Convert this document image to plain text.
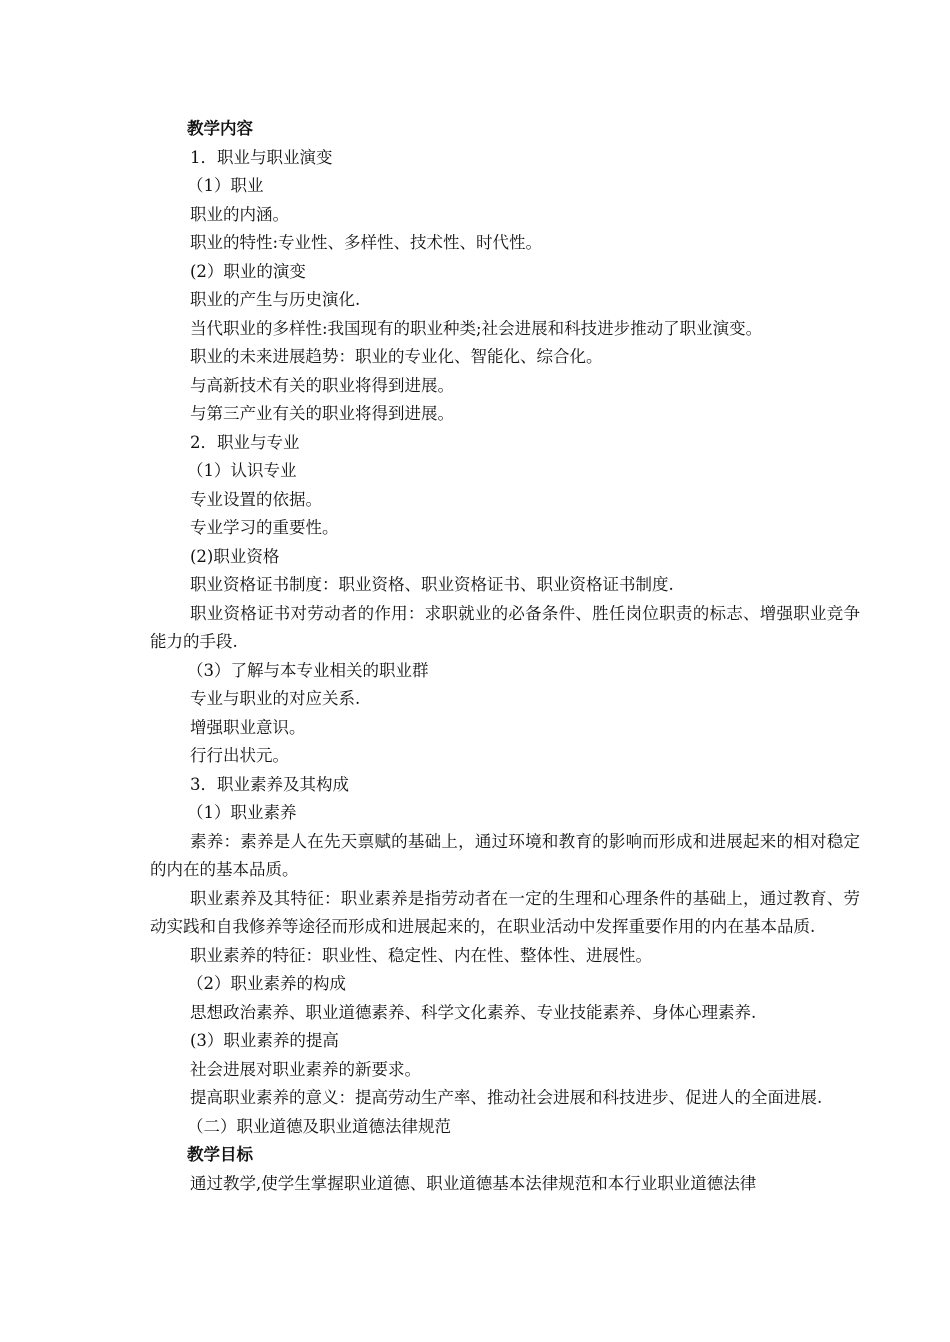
教学内容
1．职业与职业演变
（1）职业
职业的内涵。
职业的特性:专业性、多样性、技术性、时代性。
(2）职业的演变
职业的产生与历史演化.
当代职业的多样性:我国现有的职业种类;社会进展和科技进步推动了职业演变。
职业的未来进展趋势：职业的专业化、智能化、综合化。
与高新技术有关的职业将得到进展。
与第三产业有关的职业将得到进展。
2．职业与专业
（1）认识专业
专业设置的依据。
专业学习的重要性。
(2)职业资格
职业资格证书制度：职业资格、职业资格证书、职业资格证书制度.
职业资格证书对劳动者的作用：求职就业的必备条件、胜任岗位职责的标志、增强职业竞争能力的手段.
（3）了解与本专业相关的职业群
专业与职业的对应关系.
增强职业意识。
行行出状元。
3．职业素养及其构成
（1）职业素养
素养：素养是人在先天禀赋的基础上，通过环境和教育的影响而形成和进展起来的相对稳定的内在的基本品质。
职业素养及其特征：职业素养是指劳动者在一定的生理和心理条件的基础上，通过教育、劳动实践和自我修养等途径而形成和进展起来的，在职业活动中发挥重要作用的内在基本品质.
职业素养的特征：职业性、稳定性、内在性、整体性、进展性。
（2）职业素养的构成
思想政治素养、职业道德素养、科学文化素养、专业技能素养、身体心理素养.
(3）职业素养的提高
社会进展对职业素养的新要求。
提高职业素养的意义：提高劳动生产率、推动社会进展和科技进步、促进人的全面进展.
（二）职业道德及职业道德法律规范
教学目标
通过教学,使学生掌握职业道德、职业道德基本法律规范和本行业职业道德法律
